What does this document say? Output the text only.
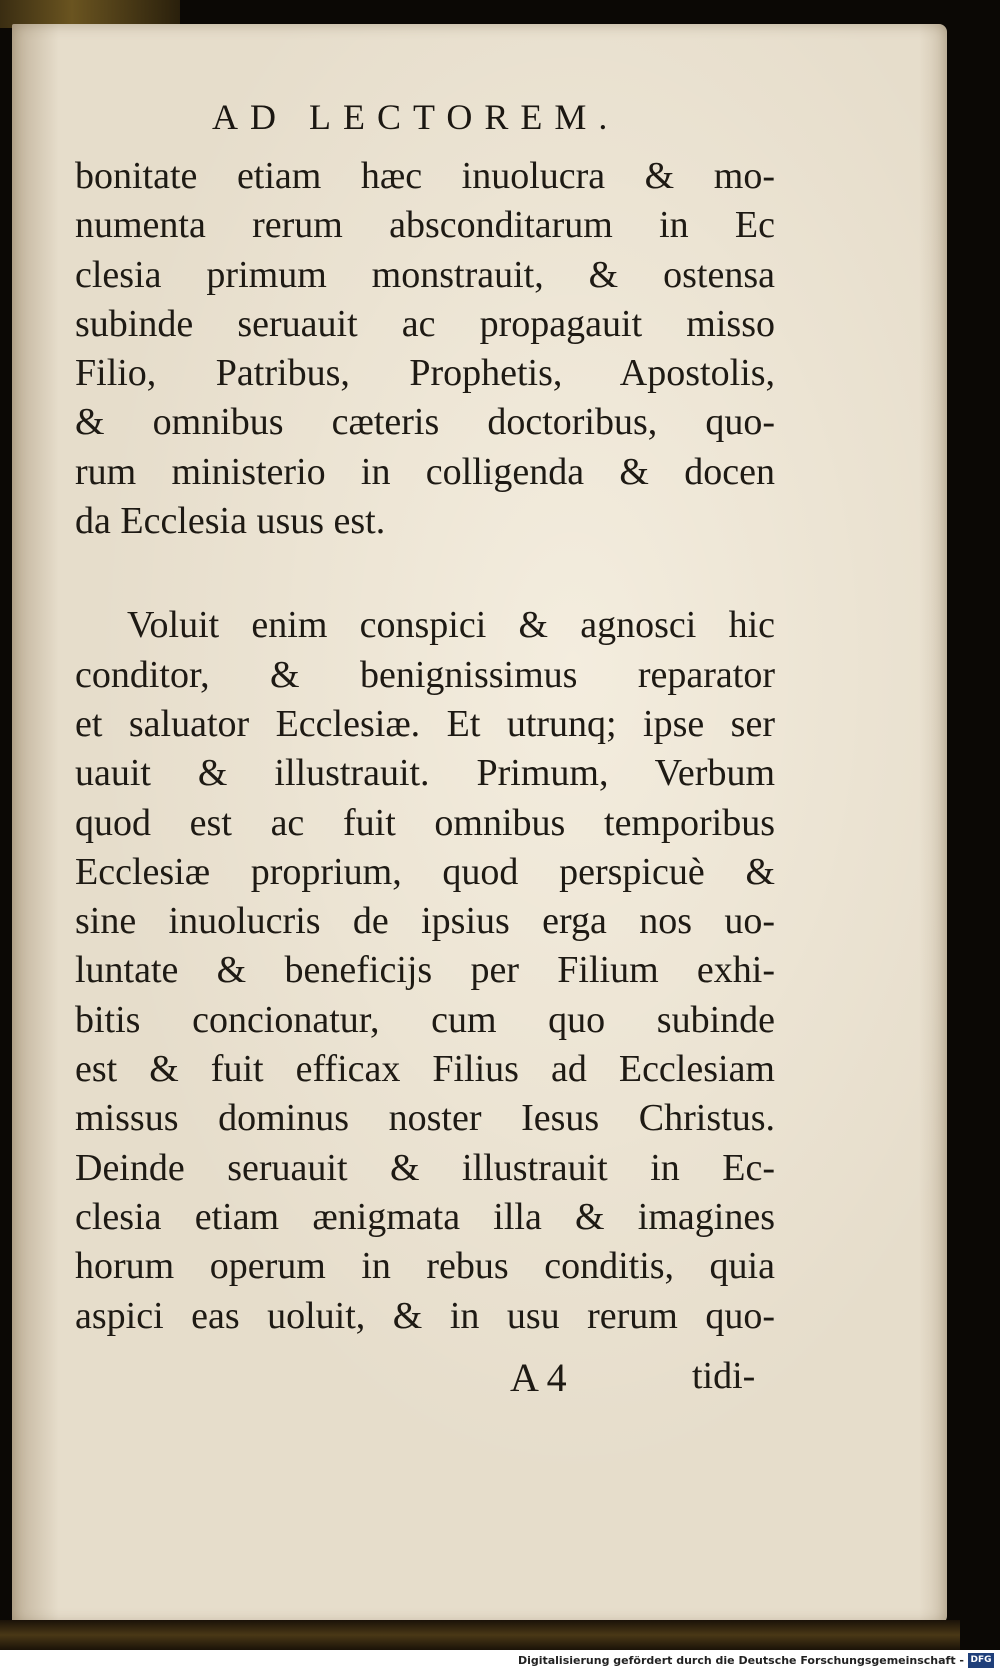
AD LECTOREM.
bonitate etiam hæc inuolucra & mo-
numenta rerum absconditarum in Ec
clesia primum monstrauit, & ostensa
subinde seruauit ac propagauit misso
Filio, Patribus, Prophetis, Apostolis,
& omnibus cæteris doctoribus, quo-
rum ministerio in colligenda & docen
da Ecclesia usus est.
Voluit enim conspici & agnosci hic
conditor, & benignissimus reparator
et saluator Ecclesiæ. Et utrunq; ipse ser
uauit & illustrauit. Primum, Verbum
quod est ac fuit omnibus temporibus
Ecclesiæ proprium, quod perspicuè &
sine inuolucris de ipsius erga nos uo-
luntate & beneficijs per Filium exhi-
bitis concionatur, cum quo subinde
est & fuit efficax Filius ad Ecclesiam
missus dominus noster Iesus Christus.
Deinde seruauit & illustrauit in Ec-
clesia etiam ænigmata illa & imagines
horum operum in rebus conditis, quia
aspici eas uoluit, & in usu rerum quo-
A 4	tidi-
Digitalisierung gefördert durch die Deutsche Forschungsgemeinschaft - DFG
